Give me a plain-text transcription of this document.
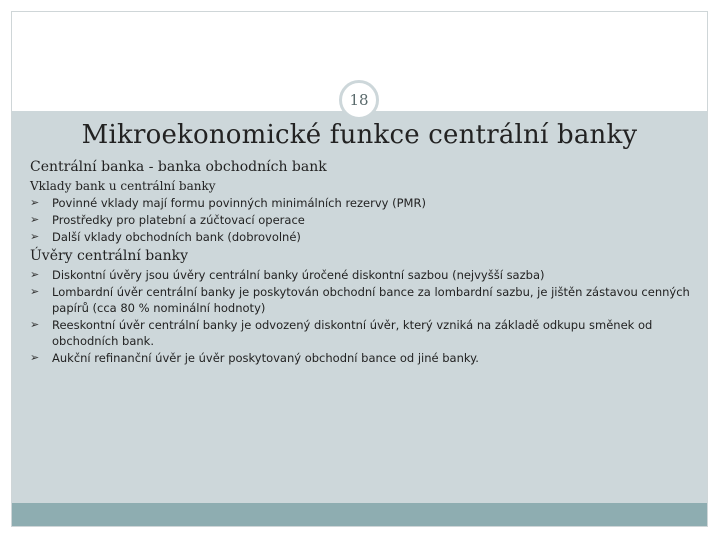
18
Mikroekonomické funkce centrální banky
Centrální banka - banka obchodních bank
Vklady bank u centrální banky
➢ Povinné vklady mají formu povinných minimálních rezervy (PMR)
➢ Prostředky pro platební a zúčtovací operace
➢ Další vklady obchodních bank (dobrovolné)
Úvěry centrální banky
➢ Diskontní úvěry jsou úvěry centrální banky úročené diskontní sazbou (nejvyšší sazba)
➢ Lombardní úvěr centrální banky je poskytován obchodní bance za lombardní sazbu, je jištěn zástavou cenných papírů (cca 80 % nominální hodnoty)
➢ Reeskontní úvěr centrální banky je odvozený diskontní úvěr, který vzniká na základě odkupu směnek od obchodních bank.
➢ Aukční refinanční úvěr je úvěr poskytovaný obchodní bance od jiné banky.
